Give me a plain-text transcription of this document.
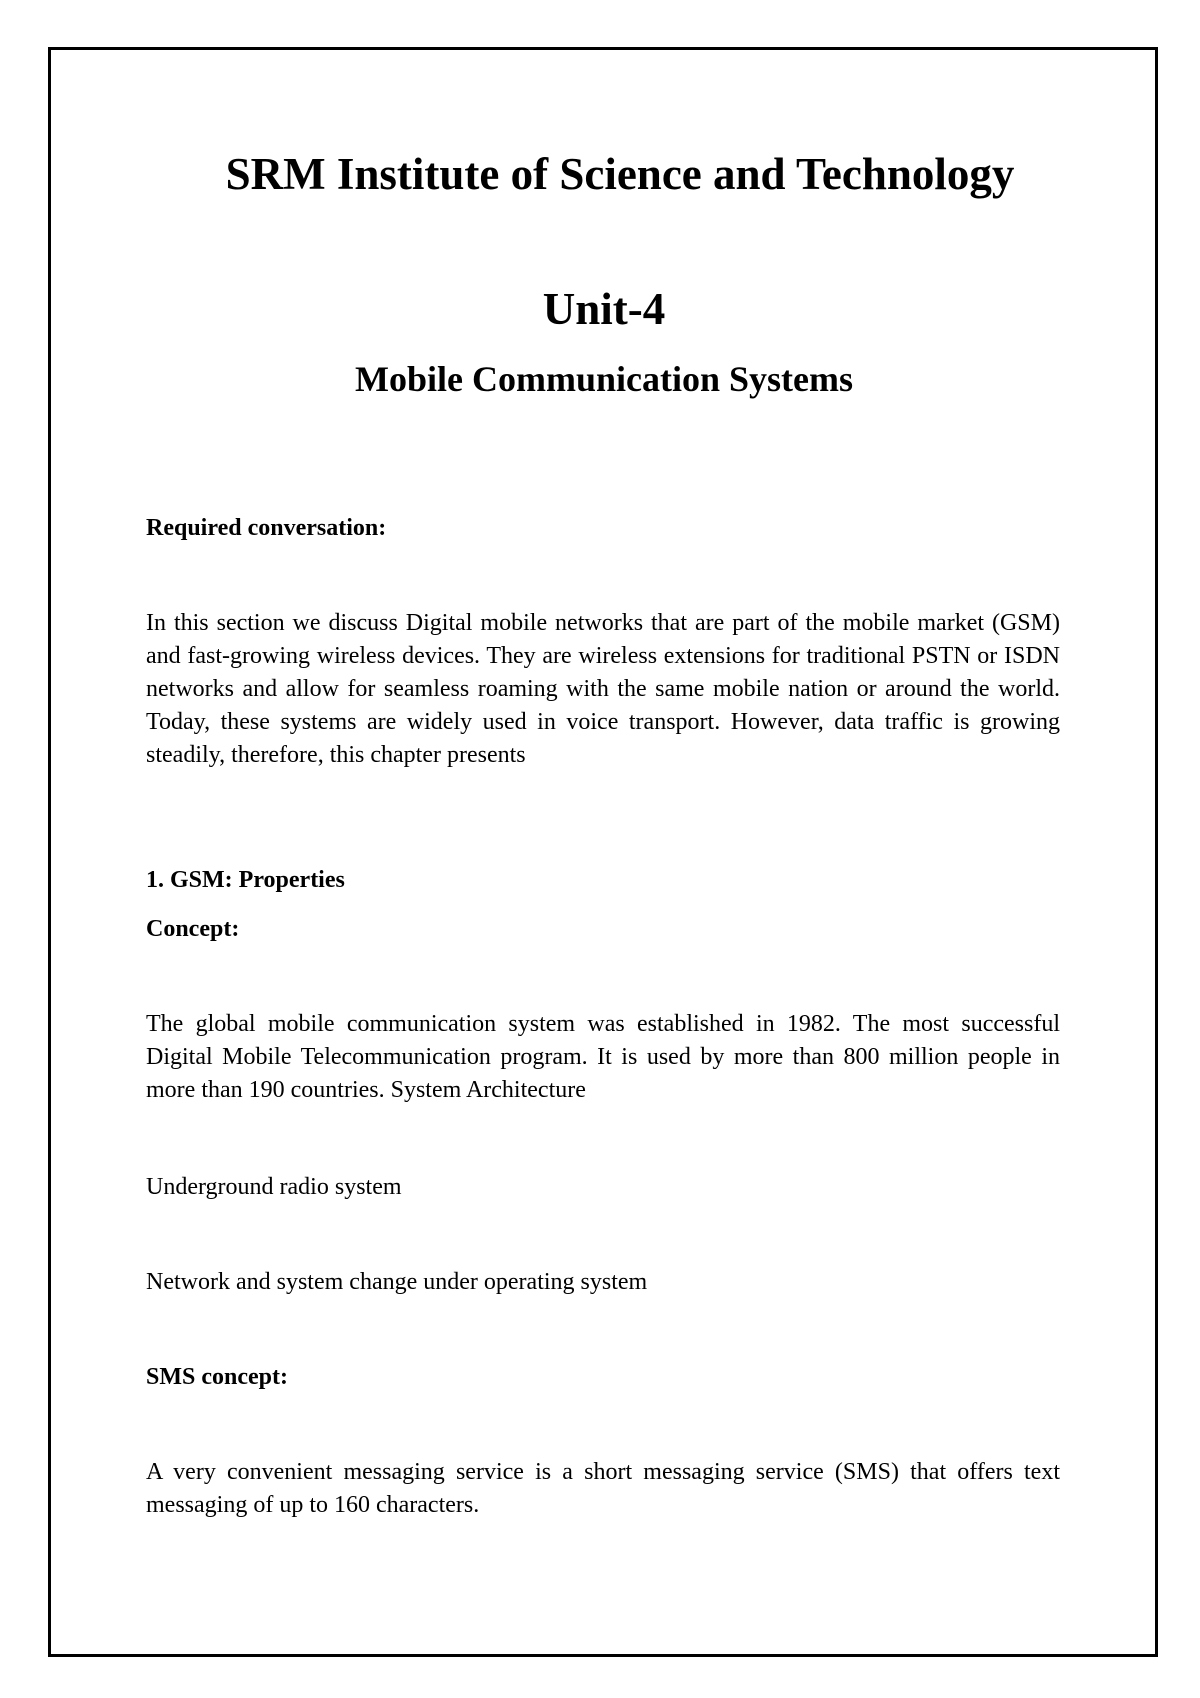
SRM Institute of Science and Technology
Unit-4
Mobile Communication Systems

Required conversation:

In this section we discuss Digital mobile networks that are part of the mobile market (GSM) and fast-growing wireless devices. They are wireless extensions for traditional PSTN or ISDN networks and allow for seamless roaming with the same mobile nation or around the world. Today, these systems are widely used in voice transport. However, data traffic is growing steadily, therefore, this chapter presents

1. GSM: Properties

Concept:

The global mobile communication system was established in 1982. The most successful Digital Mobile Telecommunication program. It is used by more than 800 million people in more than 190 countries. System Architecture

Underground radio system

Network and system change under operating system

SMS concept:

A very convenient messaging service is a short messaging service (SMS) that offers text messaging of up to 160 characters.
